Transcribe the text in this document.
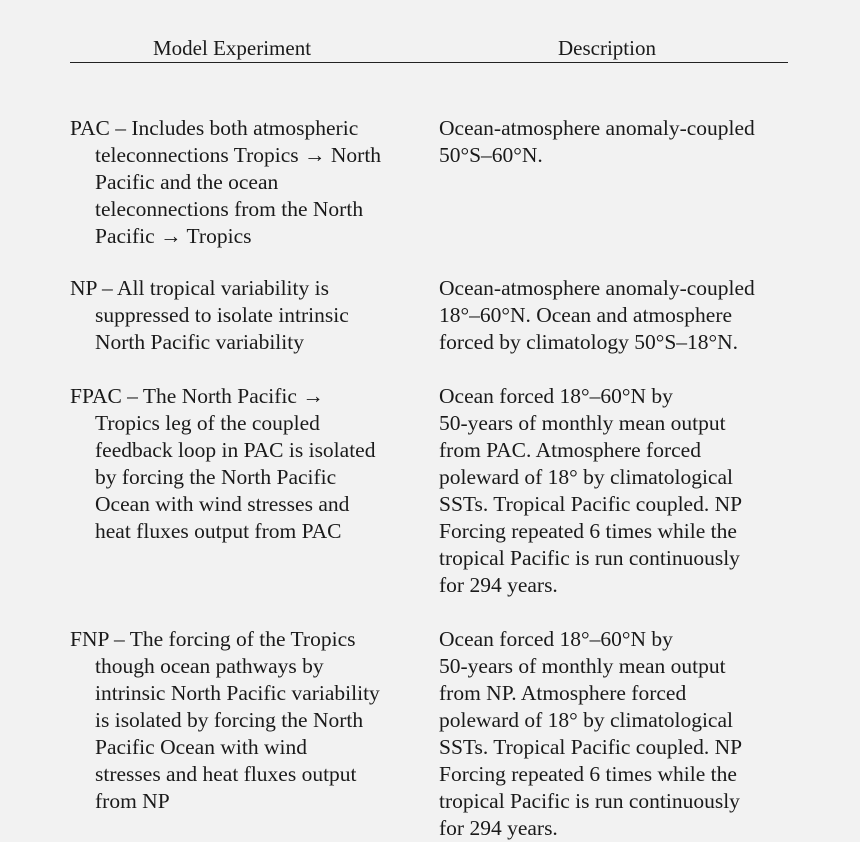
Model Experiment	Description
PAC – Includes both atmospheric
teleconnections Tropics → North
Pacific and the ocean
teleconnections from the North
Pacific → Tropics
Ocean-atmosphere anomaly-coupled
50°S–60°N.
NP – All tropical variability is
suppressed to isolate intrinsic
North Pacific variability
Ocean-atmosphere anomaly-coupled
18°–60°N. Ocean and atmosphere
forced by climatology 50°S–18°N.
FPAC – The North Pacific →
Tropics leg of the coupled
feedback loop in PAC is isolated
by forcing the North Pacific
Ocean with wind stresses and
heat fluxes output from PAC
Ocean forced 18°–60°N by
50-years of monthly mean output
from PAC. Atmosphere forced
poleward of 18° by climatological
SSTs. Tropical Pacific coupled. NP
Forcing repeated 6 times while the
tropical Pacific is run continuously
for 294 years.
FNP – The forcing of the Tropics
though ocean pathways by
intrinsic North Pacific variability
is isolated by forcing the North
Pacific Ocean with wind
stresses and heat fluxes output
from NP
Ocean forced 18°–60°N by
50-years of monthly mean output
from NP. Atmosphere forced
poleward of 18° by climatological
SSTs. Tropical Pacific coupled. NP
Forcing repeated 6 times while the
tropical Pacific is run continuously
for 294 years.
